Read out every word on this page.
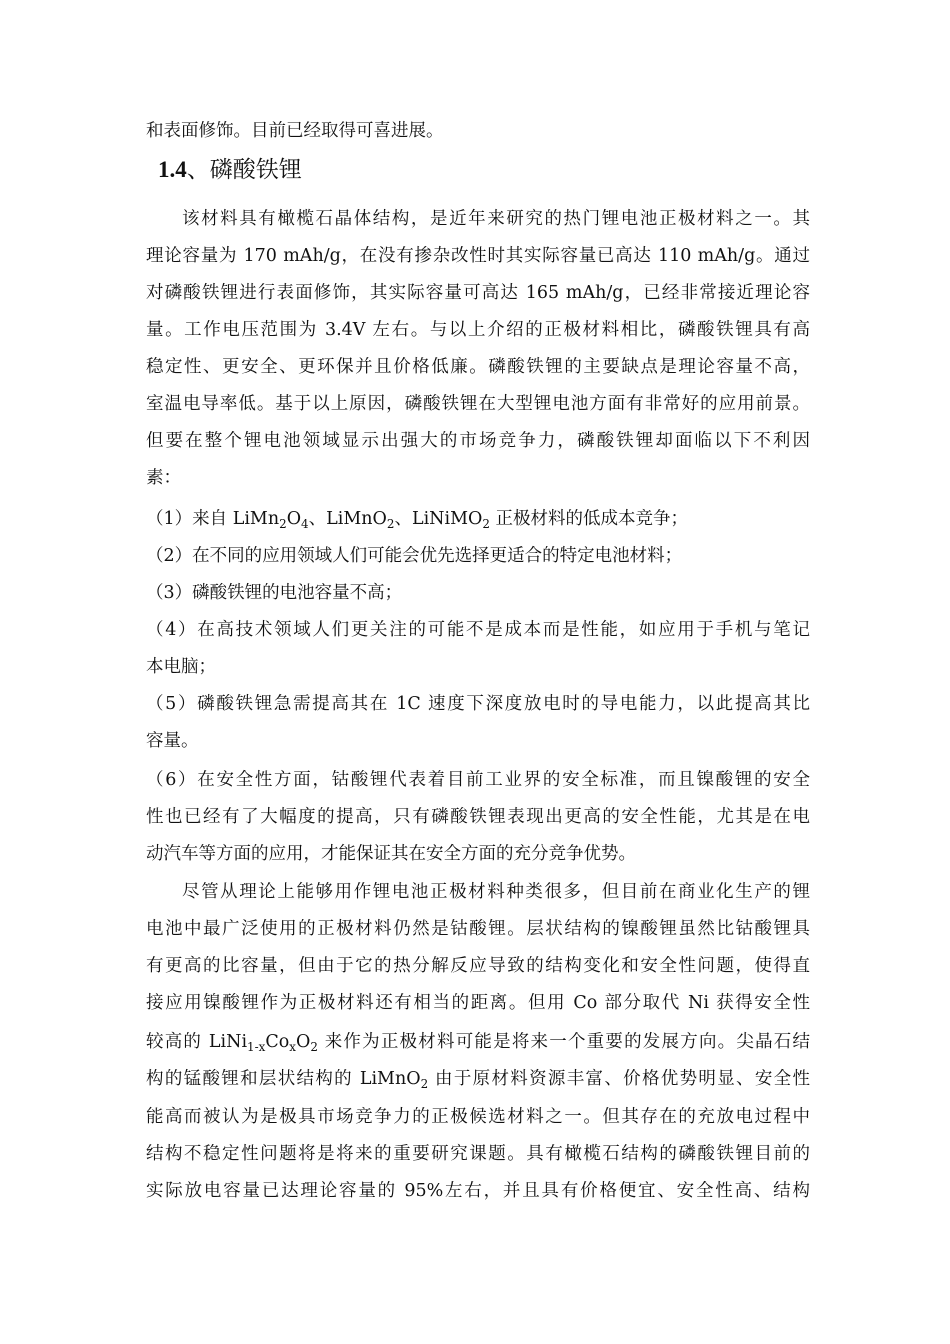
和表面修饰。目前已经取得可喜进展。
1.4、磷酸铁锂
该材料具有橄榄石晶体结构，是近年来研究的热门锂电池正极材料之一。其
理论容量为 170 mAh/g，在没有掺杂改性时其实际容量已高达 110 mAh/g。通过
对磷酸铁锂进行表面修饰，其实际容量可高达 165 mAh/g，已经非常接近理论容
量。工作电压范围为 3.4V 左右。与以上介绍的正极材料相比，磷酸铁锂具有高
稳定性、更安全、更环保并且价格低廉。磷酸铁锂的主要缺点是理论容量不高，
室温电导率低。基于以上原因，磷酸铁锂在大型锂电池方面有非常好的应用前景。
但要在整个锂电池领域显示出强大的市场竞争力，磷酸铁锂却面临以下不利因
素：
（1）来自 $LiMn_2O_4$、LiMnO$_2$、LiNiMO$_2$ 正极材料的低成本竞争；
（2）在不同的应用领域人们可能会优先选择更适合的特定电池材料；
（3）磷酸铁锂的电池容量不高；
（4）在高技术领域人们更关注的可能不是成本而是性能，如应用于手机与笔记
本电脑；
（5）磷酸铁锂急需提高其在 1C 速度下深度放电时的导电能力，以此提高其比
容量。
（6）在安全性方面，钴酸锂代表着目前工业界的安全标准，而且镍酸锂的安全
性也已经有了大幅度的提高，只有磷酸铁锂表现出更高的安全性能，尤其是在电
动汽车等方面的应用，才能保证其在安全方面的充分竞争优势。
尽管从理论上能够用作锂电池正极材料种类很多，但目前在商业化生产的锂
电池中最广泛使用的正极材料仍然是钴酸锂。层状结构的镍酸锂虽然比钴酸锂具
有更高的比容量，但由于它的热分解反应导致的结构变化和安全性问题，使得直
接应用镍酸锂作为正极材料还有相当的距离。但用 Co 部分取代 Ni 获得安全性
较高的 $LiNi_{1-x}Co_xO_2$ 来作为正极材料可能是将来一个重要的发展方向。尖晶石结
构的锰酸锂和层状结构的 LiMnO$_2$ 由于原材料资源丰富、价格优势明显、安全性
能高而被认为是极具市场竞争力的正极候选材料之一。但其存在的充放电过程中
结构不稳定性问题将是将来的重要研究课题。具有橄榄石结构的磷酸铁锂目前的
实际放电容量已达理论容量的 95%左右，并且具有价格便宜、安全性高、结构
